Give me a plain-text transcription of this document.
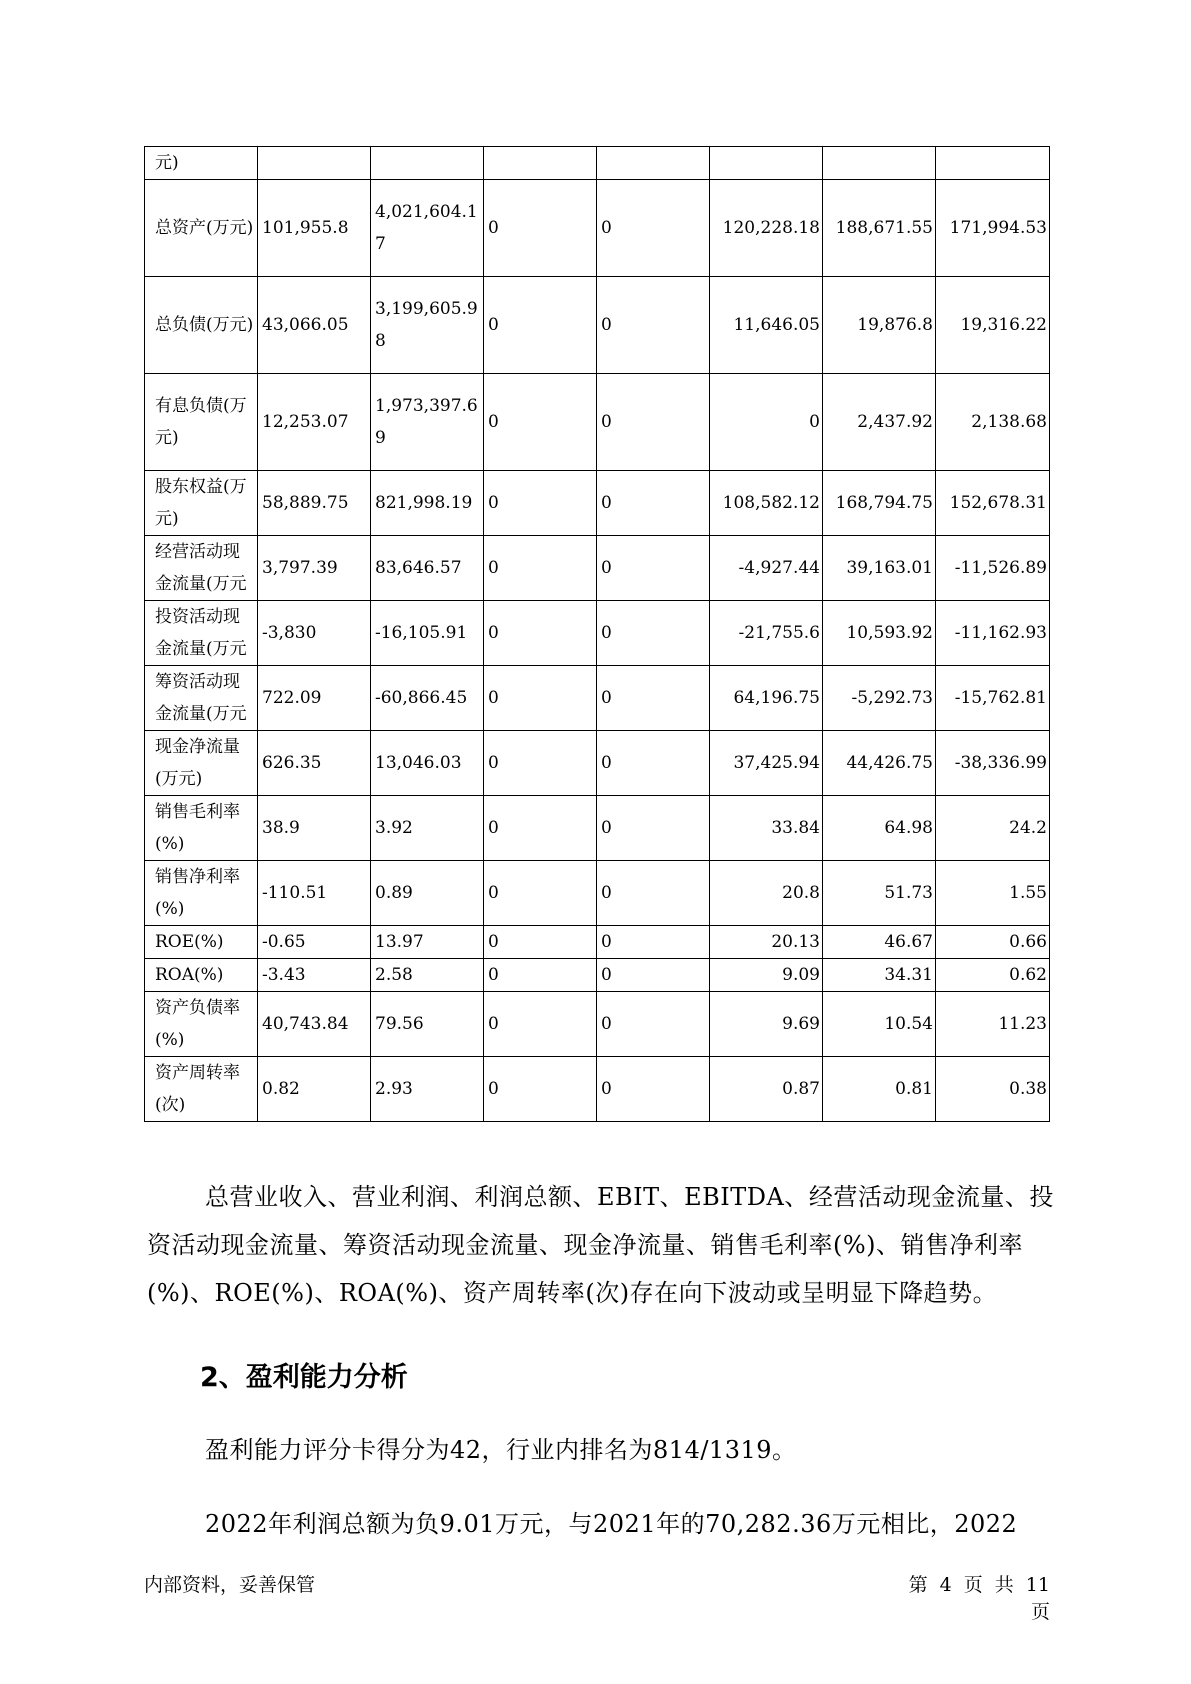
元)							
总资产(万元)	101,955.8	4,021,604.17	0	0	120,228.18	188,671.55	171,994.53
总负债(万元)	43,066.05	3,199,605.98	0	0	11,646.05	19,876.8	19,316.22
有息负债(万元)	12,253.07	1,973,397.69	0	0	0	2,437.92	2,138.68
股东权益(万元)	58,889.75	821,998.19	0	0	108,582.12	168,794.75	152,678.31
经营活动现金流量(万元	3,797.39	83,646.57	0	0	-4,927.44	39,163.01	-11,526.89
投资活动现金流量(万元	-3,830	-16,105.91	0	0	-21,755.6	10,593.92	-11,162.93
筹资活动现金流量(万元	722.09	-60,866.45	0	0	64,196.75	-5,292.73	-15,762.81
现金净流量(万元)	626.35	13,046.03	0	0	37,425.94	44,426.75	-38,336.99
销售毛利率(%)	38.9	3.92	0	0	33.84	64.98	24.2
销售净利率(%)	-110.51	0.89	0	0	20.8	51.73	1.55
ROE(%)	-0.65	13.97	0	0	20.13	46.67	0.66
ROA(%)	-3.43	2.58	0	0	9.09	34.31	0.62
资产负债率(%)	40,743.84	79.56	0	0	9.69	10.54	11.23
资产周转率(次)	0.82	2.93	0	0	0.87	0.81	0.38

总营业收入、营业利润、利润总额、EBIT、EBITDA、经营活动现金流量、投资活动现金流量、筹资活动现金流量、现金净流量、销售毛利率(%)、销售净利率(%)、ROE(%)、ROA(%)、资产周转率(次)存在向下波动或呈明显下降趋势。

2、盈利能力分析

盈利能力评分卡得分为42，行业内排名为814/1319。

2022年利润总额为负9.01万元，与2021年的70,282.36万元相比，2022

内部资料，妥善保管	第 4 页 共 11 页
